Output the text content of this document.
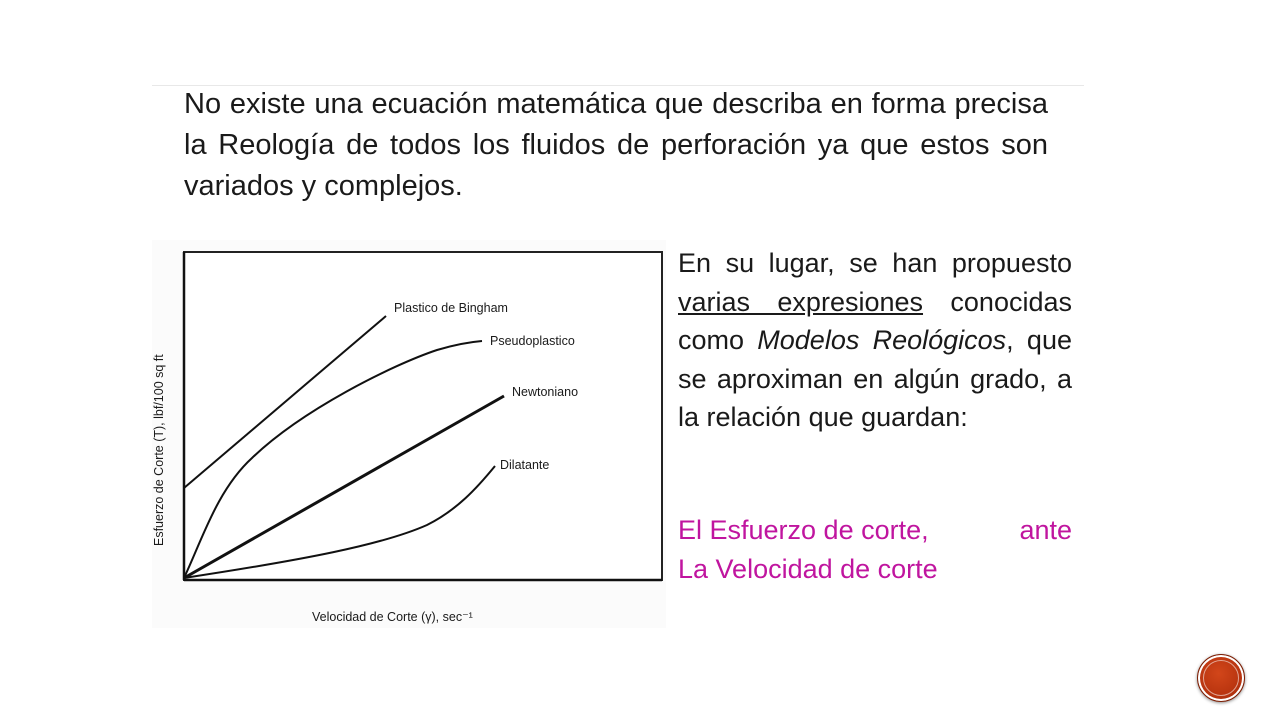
No existe una ecuación matemática que describa en forma precisa la Reología de todos los fluidos de perforación ya que estos son variados y complejos.

Plastico de Bingham
Pseudoplastico
Newtoniano
Dilatante
Velocidad de Corte (γ), sec⁻¹
Esfuerzo de Corte (T), lbf/100 sq ft

En su lugar, se han propuesto varias expresiones conocidas como Modelos Reológicos, que se aproximan en algún grado, a la relación que guardan:

El Esfuerzo de corte,	ante
La Velocidad de corte
